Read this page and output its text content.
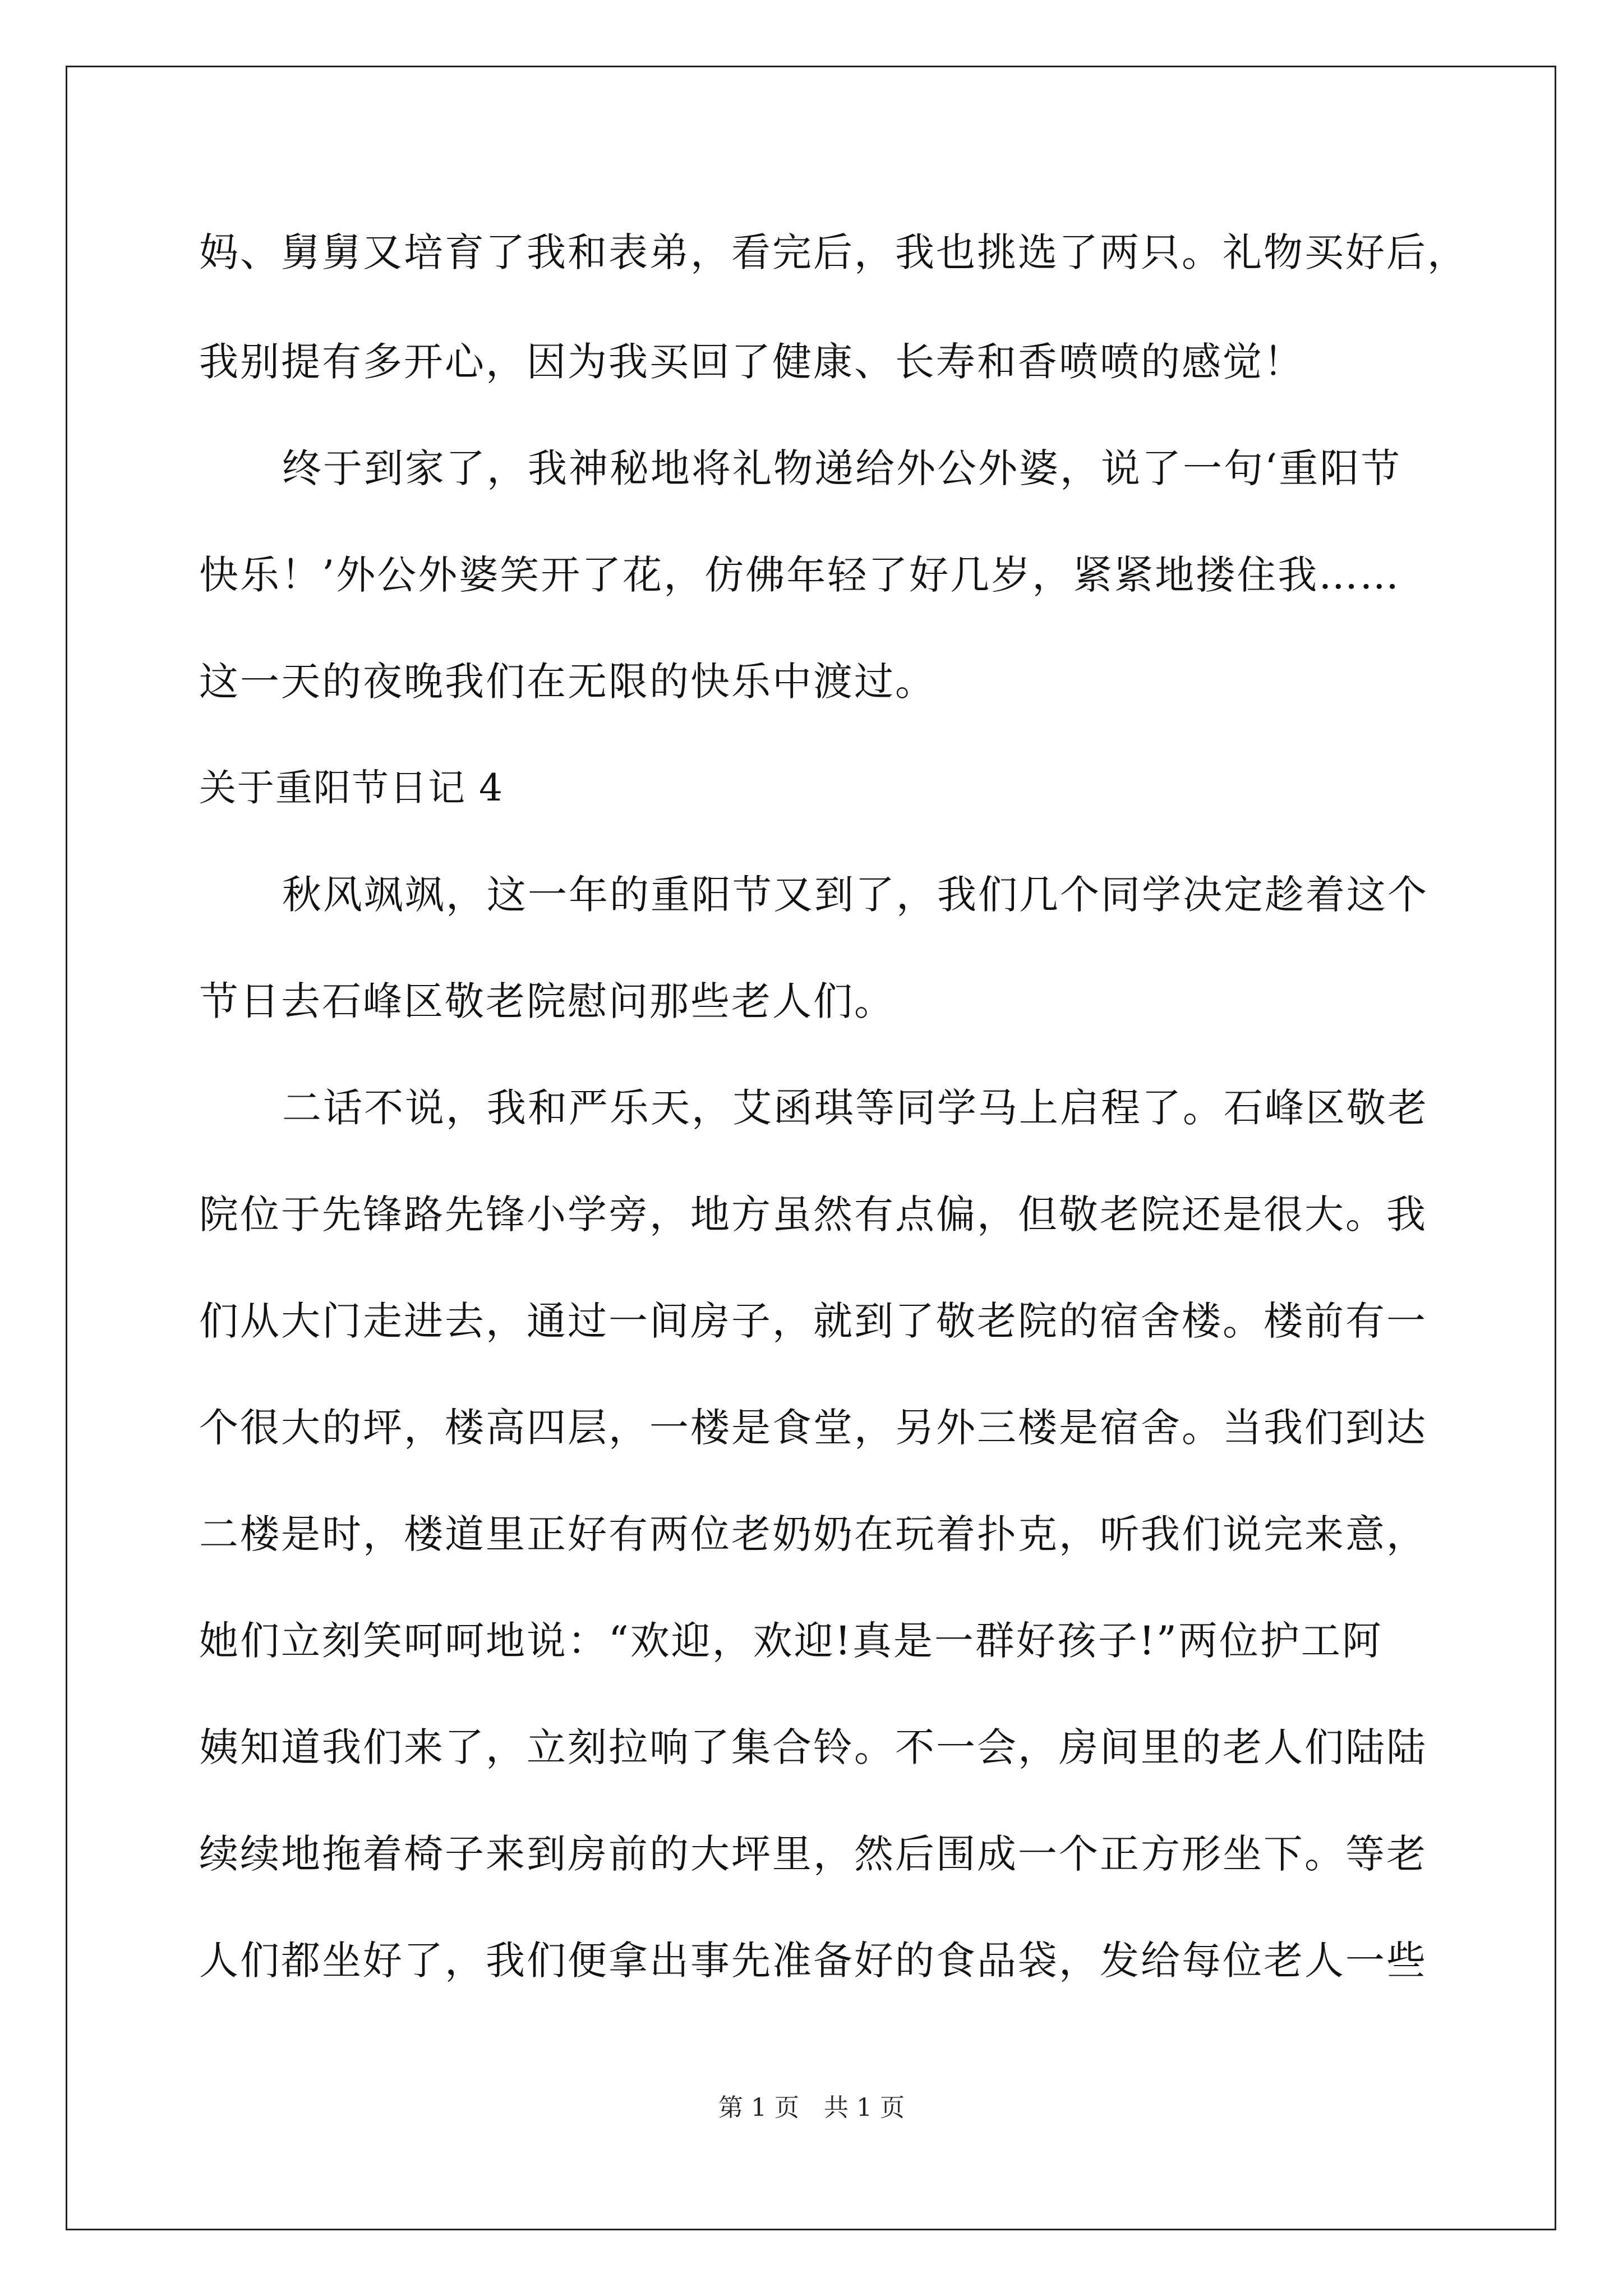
妈、舅舅又培育了我和表弟，看完后，我也挑选了两只。礼物买好后，

我别提有多开心，因为我买回了健康、长寿和香喷喷的感觉！

终于到家了，我神秘地将礼物递给外公外婆，说了一句‘重阳节

快乐！’外公外婆笑开了花，仿佛年轻了好几岁，紧紧地搂住我……

这一天的夜晚我们在无限的快乐中渡过。

关于重阳节日记 4

秋风飒飒，这一年的重阳节又到了，我们几个同学决定趁着这个

节日去石峰区敬老院慰问那些老人们。

二话不说，我和严乐天，艾函琪等同学马上启程了。石峰区敬老

院位于先锋路先锋小学旁，地方虽然有点偏，但敬老院还是很大。我

们从大门走进去，通过一间房子，就到了敬老院的宿舍楼。楼前有一

个很大的坪，楼高四层，一楼是食堂，另外三楼是宿舍。当我们到达

二楼是时，楼道里正好有两位老奶奶在玩着扑克，听我们说完来意，

她们立刻笑呵呵地说：“欢迎，欢迎!真是一群好孩子!”两位护工阿

姨知道我们来了，立刻拉响了集合铃。不一会，房间里的老人们陆陆

续续地拖着椅子来到房前的大坪里，然后围成一个正方形坐下。等老

人们都坐好了，我们便拿出事先准备好的食品袋，发给每位老人一些

第 1 页　共 1 页
